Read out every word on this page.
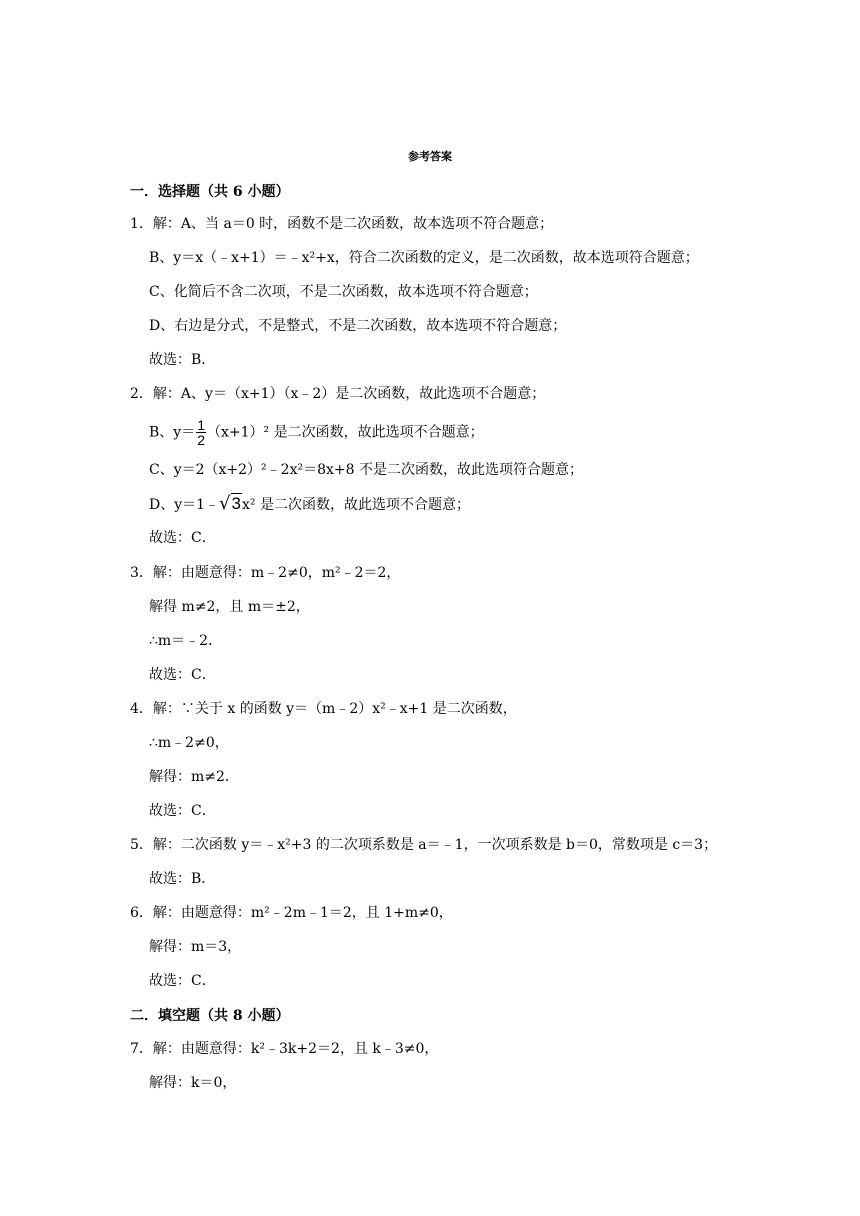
参考答案
一．选择题（共 6 小题）
1．解：A、当 a＝0 时，函数不是二次函数，故本选项不符合题意；
B、y＝x（﹣x+1）＝﹣x²+x，符合二次函数的定义，是二次函数，故本选项符合题意；
C、化简后不含二次项，不是二次函数，故本选项不符合题意；
D、右边是分式，不是整式，不是二次函数，故本选项不符合题意；
故选：B．
2．解：A、y＝（x+1）（x﹣2）是二次函数，故此选项不合题意；
B、$y= \frac{1}{2} (x+1)^2$ 是二次函数，故此选项不合题意；
C、y＝2（x+2）²﹣2x²＝8x+8 不是二次函数，故此选项符合题意；
D、y＝1﹣√3x² 是二次函数，故此选项不合题意；
故选：C．
3．解：由题意得：m﹣2≠0，m²﹣2＝2，
解得 m≠2，且 m＝±2，
∴m＝﹣2．
故选：C．
4．解：∵关于 x 的函数 y＝（m﹣2）x²﹣x+1 是二次函数，
∴m﹣2≠0，
解得：m≠2．
故选：C．
5．解：二次函数 y＝﹣x²+3 的二次项系数是 a＝﹣1，一次项系数是 b＝0，常数项是 c＝3；
故选：B．
6．解：由题意得：m²﹣2m﹣1＝2，且 1+m≠0，
解得：m＝3，
故选：C．
二．填空题（共 8 小题）
7．解：由题意得：k²﹣3k+2＝2，且 k﹣3≠0，
解得：k＝0，
